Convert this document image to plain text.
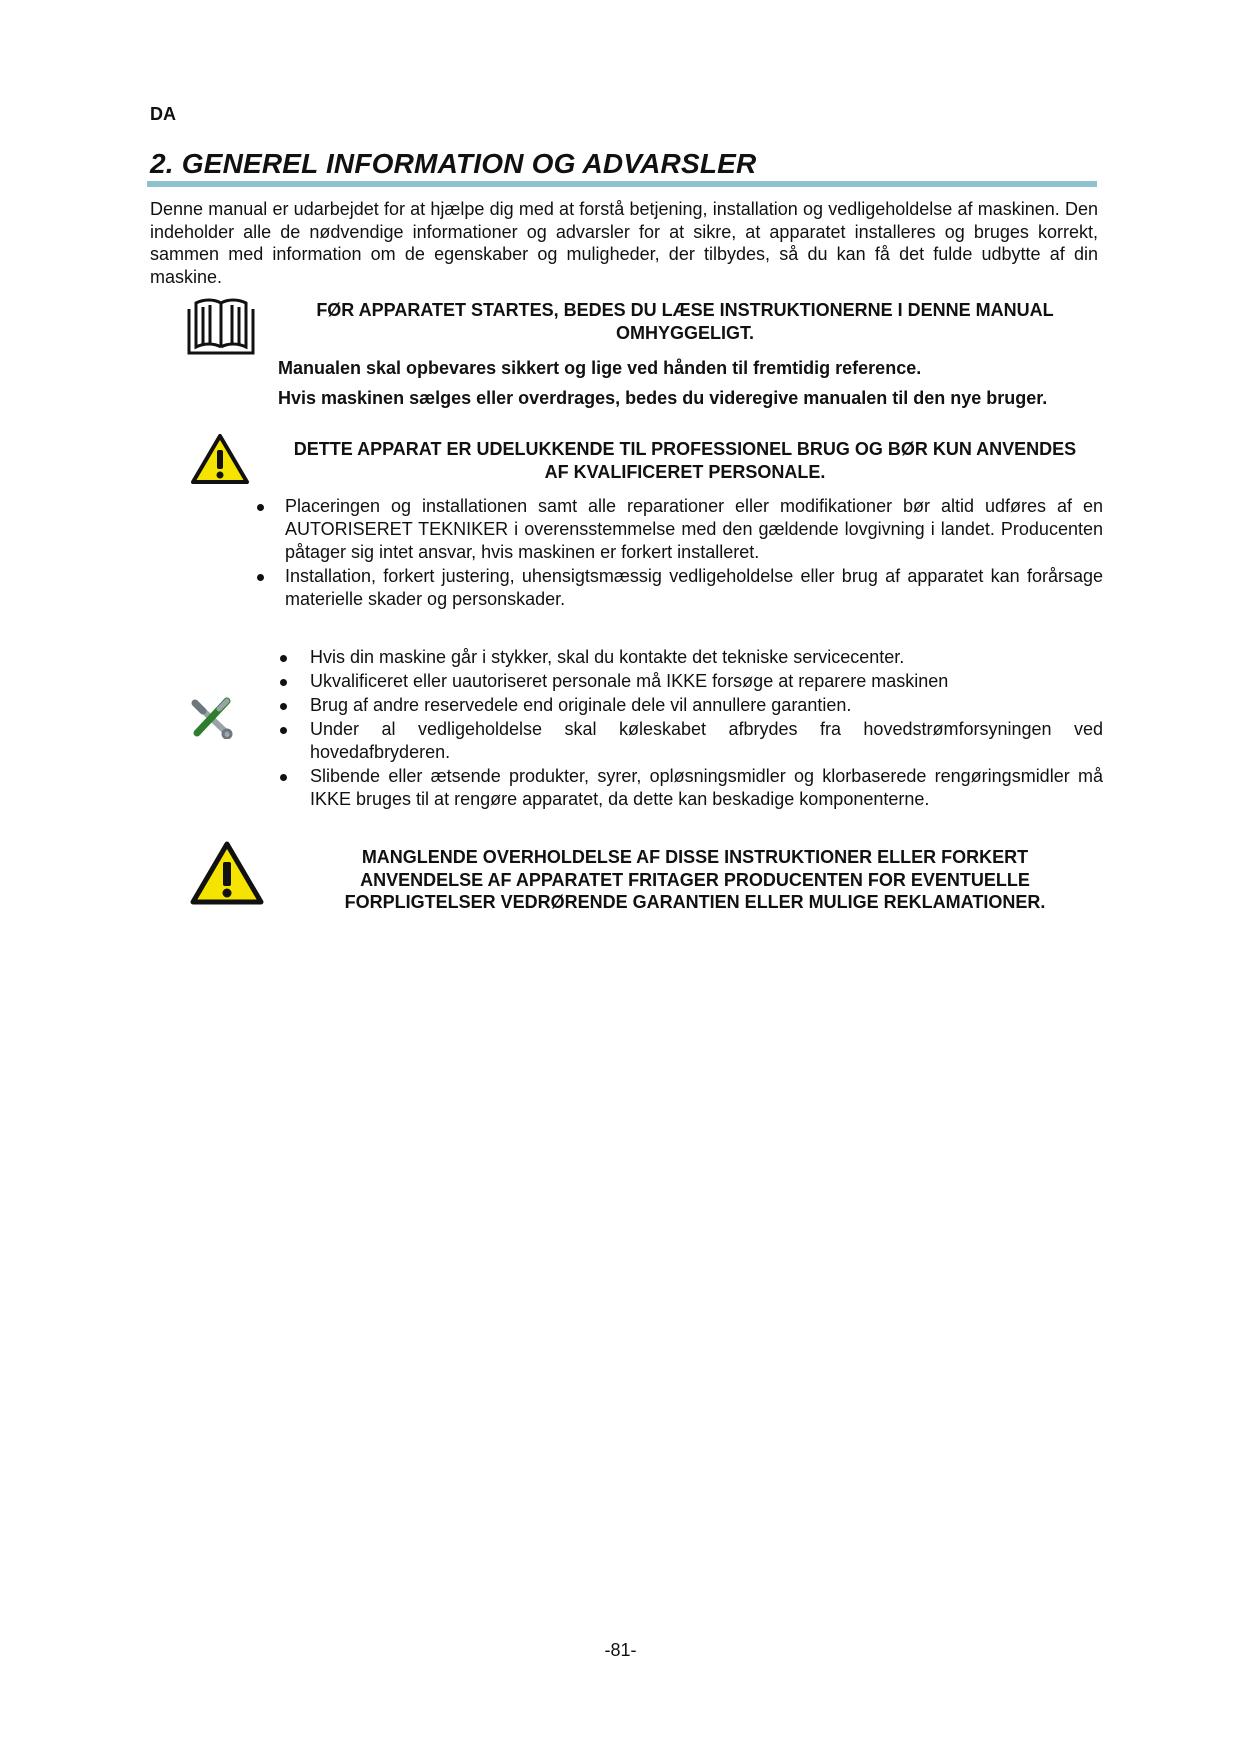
DA
2. GENEREL INFORMATION OG ADVARSLER
Denne manual er udarbejdet for at hjælpe dig med at forstå betjening, installation og vedligeholdelse af maskinen. Den indeholder alle de nødvendige informationer og advarsler for at sikre, at apparatet installeres og bruges korrekt, sammen med information om de egenskaber og muligheder, der tilbydes, så du kan få det fulde udbytte af din maskine.
FØR APPARATET STARTES, BEDES DU LÆSE INSTRUKTIONERNE I DENNE MANUAL OMHYGGELIGT.
Manualen skal opbevares sikkert og lige ved hånden til fremtidig reference.
Hvis maskinen sælges eller overdrages, bedes du videregive manualen til den nye bruger.
DETTE APPARAT ER UDELUKKENDE TIL PROFESSIONEL BRUG OG BØR KUN ANVENDES AF KVALIFICERET PERSONALE.
Placeringen og installationen samt alle reparationer eller modifikationer bør altid udføres af en AUTORISERET TEKNIKER i overensstemmelse med den gældende lovgivning i landet. Producenten påtager sig intet ansvar, hvis maskinen er forkert installeret.
Installation, forkert justering, uhensigtsmæssig vedligeholdelse eller brug af apparatet kan forårsage materielle skader og personskader.
Hvis din maskine går i stykker, skal du kontakte det tekniske servicecenter.
Ukvalificeret eller uautoriseret personale må IKKE forsøge at reparere maskinen
Brug af andre reservedele end originale dele vil annullere garantien.
Under al vedligeholdelse skal køleskabet afbrydes fra hovedstrømforsyningen ved hovedafbryderen.
Slibende eller ætsende produkter, syrer, opløsningsmidler og klorbaserede rengøringsmidler må IKKE bruges til at rengøre apparatet, da dette kan beskadige komponenterne.
MANGLENDE OVERHOLDELSE AF DISSE INSTRUKTIONER ELLER FORKERT ANVENDELSE AF APPARATET FRITAGER PRODUCENTEN FOR EVENTUELLE FORPLIGTELSER VEDRØRENDE GARANTIEN ELLER MULIGE REKLAMATIONER.
-81-
